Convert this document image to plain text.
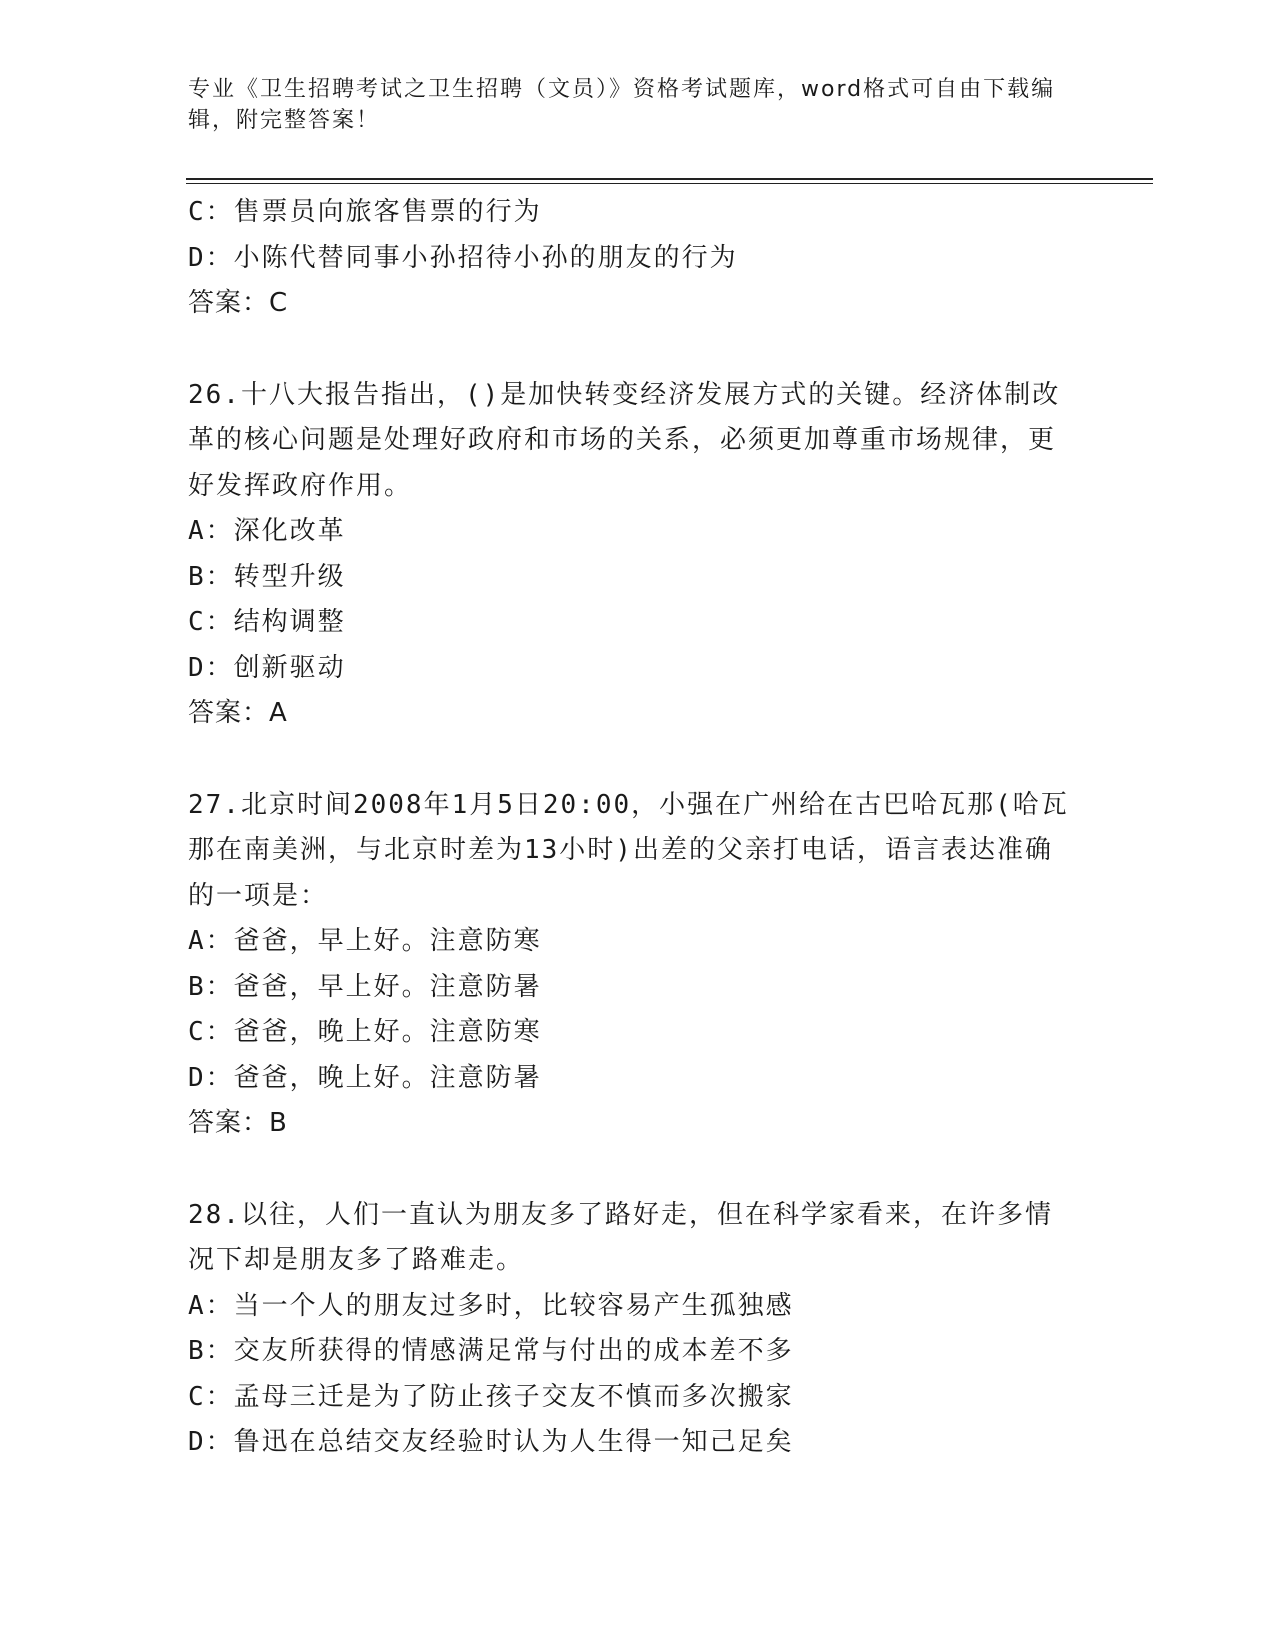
专业《卫生招聘考试之卫生招聘（文员）》资格考试题库，word格式可自由下载编辑，附完整答案！
C：售票员向旅客售票的行为
D：小陈代替同事小孙招待小孙的朋友的行为
答案：C
26.十八大报告指出，()是加快转变经济发展方式的关键。经济体制改革的核心问题是处理好政府和市场的关系，必须更加尊重市场规律，更好发挥政府作用。
A：深化改革
B：转型升级
C：结构调整
D：创新驱动
答案：A
27.北京时间2008年1月5日20:00，小强在广州给在古巴哈瓦那(哈瓦那在南美洲，与北京时差为13小时)出差的父亲打电话，语言表达准确的一项是：
A：爸爸，早上好。注意防寒
B：爸爸，早上好。注意防暑
C：爸爸，晚上好。注意防寒
D：爸爸，晚上好。注意防暑
答案：B
28.以往，人们一直认为朋友多了路好走，但在科学家看来，在许多情况下却是朋友多了路难走。
A：当一个人的朋友过多时，比较容易产生孤独感
B：交友所获得的情感满足常与付出的成本差不多
C：孟母三迁是为了防止孩子交友不慎而多次搬家
D：鲁迅在总结交友经验时认为人生得一知己足矣
